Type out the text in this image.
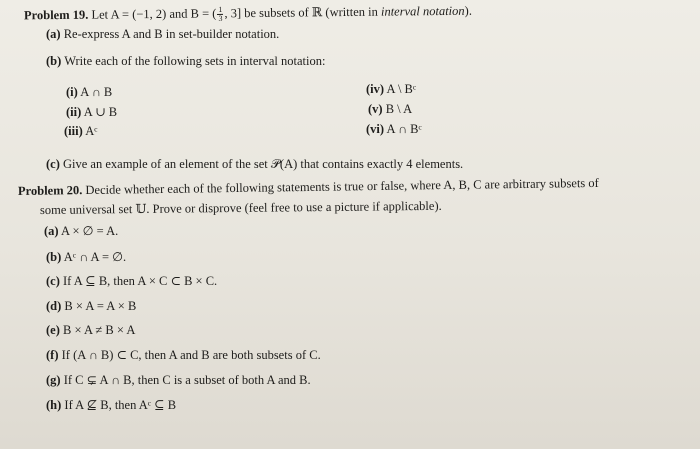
Problem 19. Let A = (−1, 2) and B = ( $\frac{1}{3}$ , 3] be subsets of ℝ (written in interval notation).
(a) Re-express A and B in set-builder notation.
(b) Write each of the following sets in interval notation:
(i) A ∩ B
(ii) A ∪ B
(iii) Aᶜ
(iv) A \ Bᶜ
(v) B \ A
(vi) A ∩ Bᶜ
(c) Give an example of an element of the set 𝒫(A) that contains exactly 4 elements.
Problem 20. Decide whether each of the following statements is true or false, where A, B, C are arbitrary subsets of
some universal set 𝕌. Prove or disprove (feel free to use a picture if applicable).
(a) A × ∅ = A.
(b) Aᶜ ∩ A = ∅.
(c) If A ⊆ B, then A × C ⊂ B × C.
(d) B × A = A × B
(e) B × A ≠ B × A
(f) If (A ∩ B) ⊂ C, then A and B are both subsets of C.
(g) If C ⊊ A ∩ B, then C is a subset of both A and B.
(h) If A ⊈ B, then Aᶜ ⊆ B
